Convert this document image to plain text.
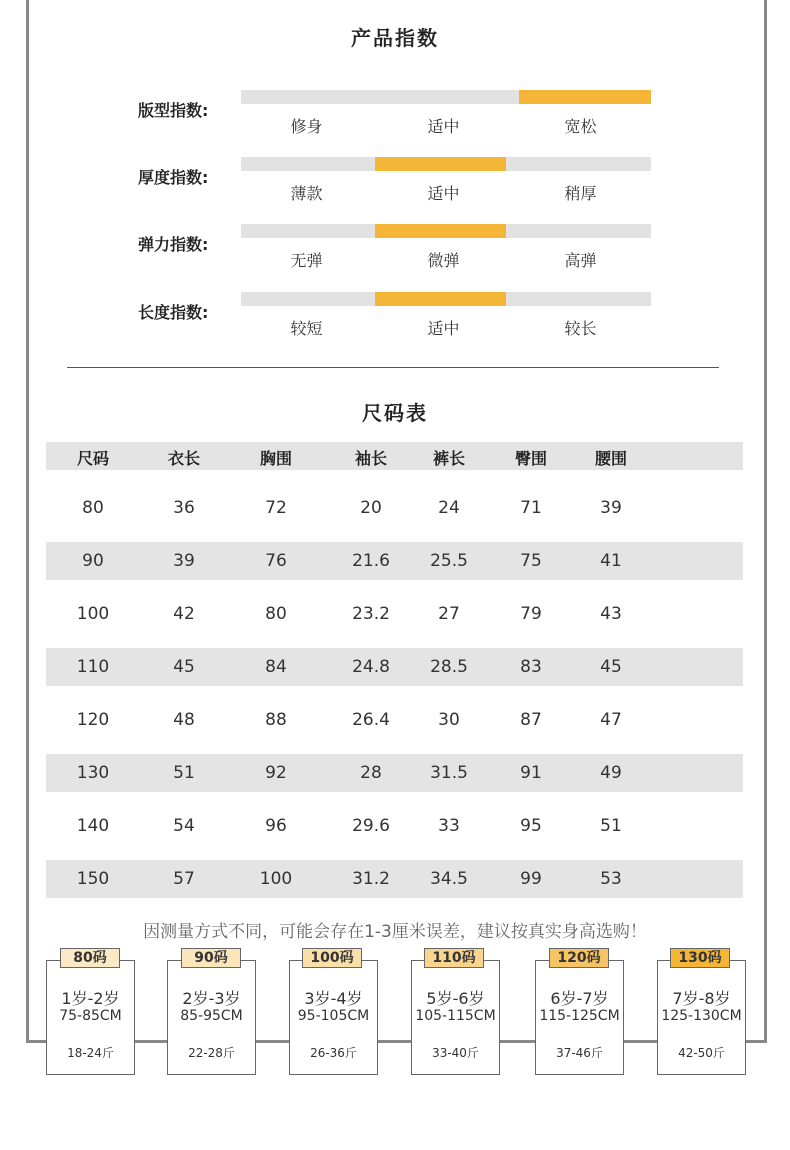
产品指数
版型指数:
修身	适中	宽松
厚度指数:
薄款	适中	稍厚
弹力指数:
无弹	微弹	高弹
长度指数:
较短	适中	较长
尺码表
尺码	衣长	胸围	袖长	裤长	臀围	腰围
80	36	72	20	24	71	39
90	39	76	21.6	25.5	75	41
100	42	80	23.2	27	79	43
110	45	84	24.8	28.5	83	45
120	48	88	26.4	30	87	47
130	51	92	28	31.5	91	49
140	54	96	29.6	33	95	51
150	57	100	31.2	34.5	99	53
因测量方式不同，可能会存在1-3厘米误差，建议按真实身高选购！
1岁-2岁
75-85CM
18-24斤
80码
2岁-3岁
85-95CM
22-28斤
90码
3岁-4岁
95-105CM
26-36斤
100码
5岁-6岁
105-115CM
33-40斤
110码
6岁-7岁
115-125CM
37-46斤
120码
7岁-8岁
125-130CM
42-50斤
130码
